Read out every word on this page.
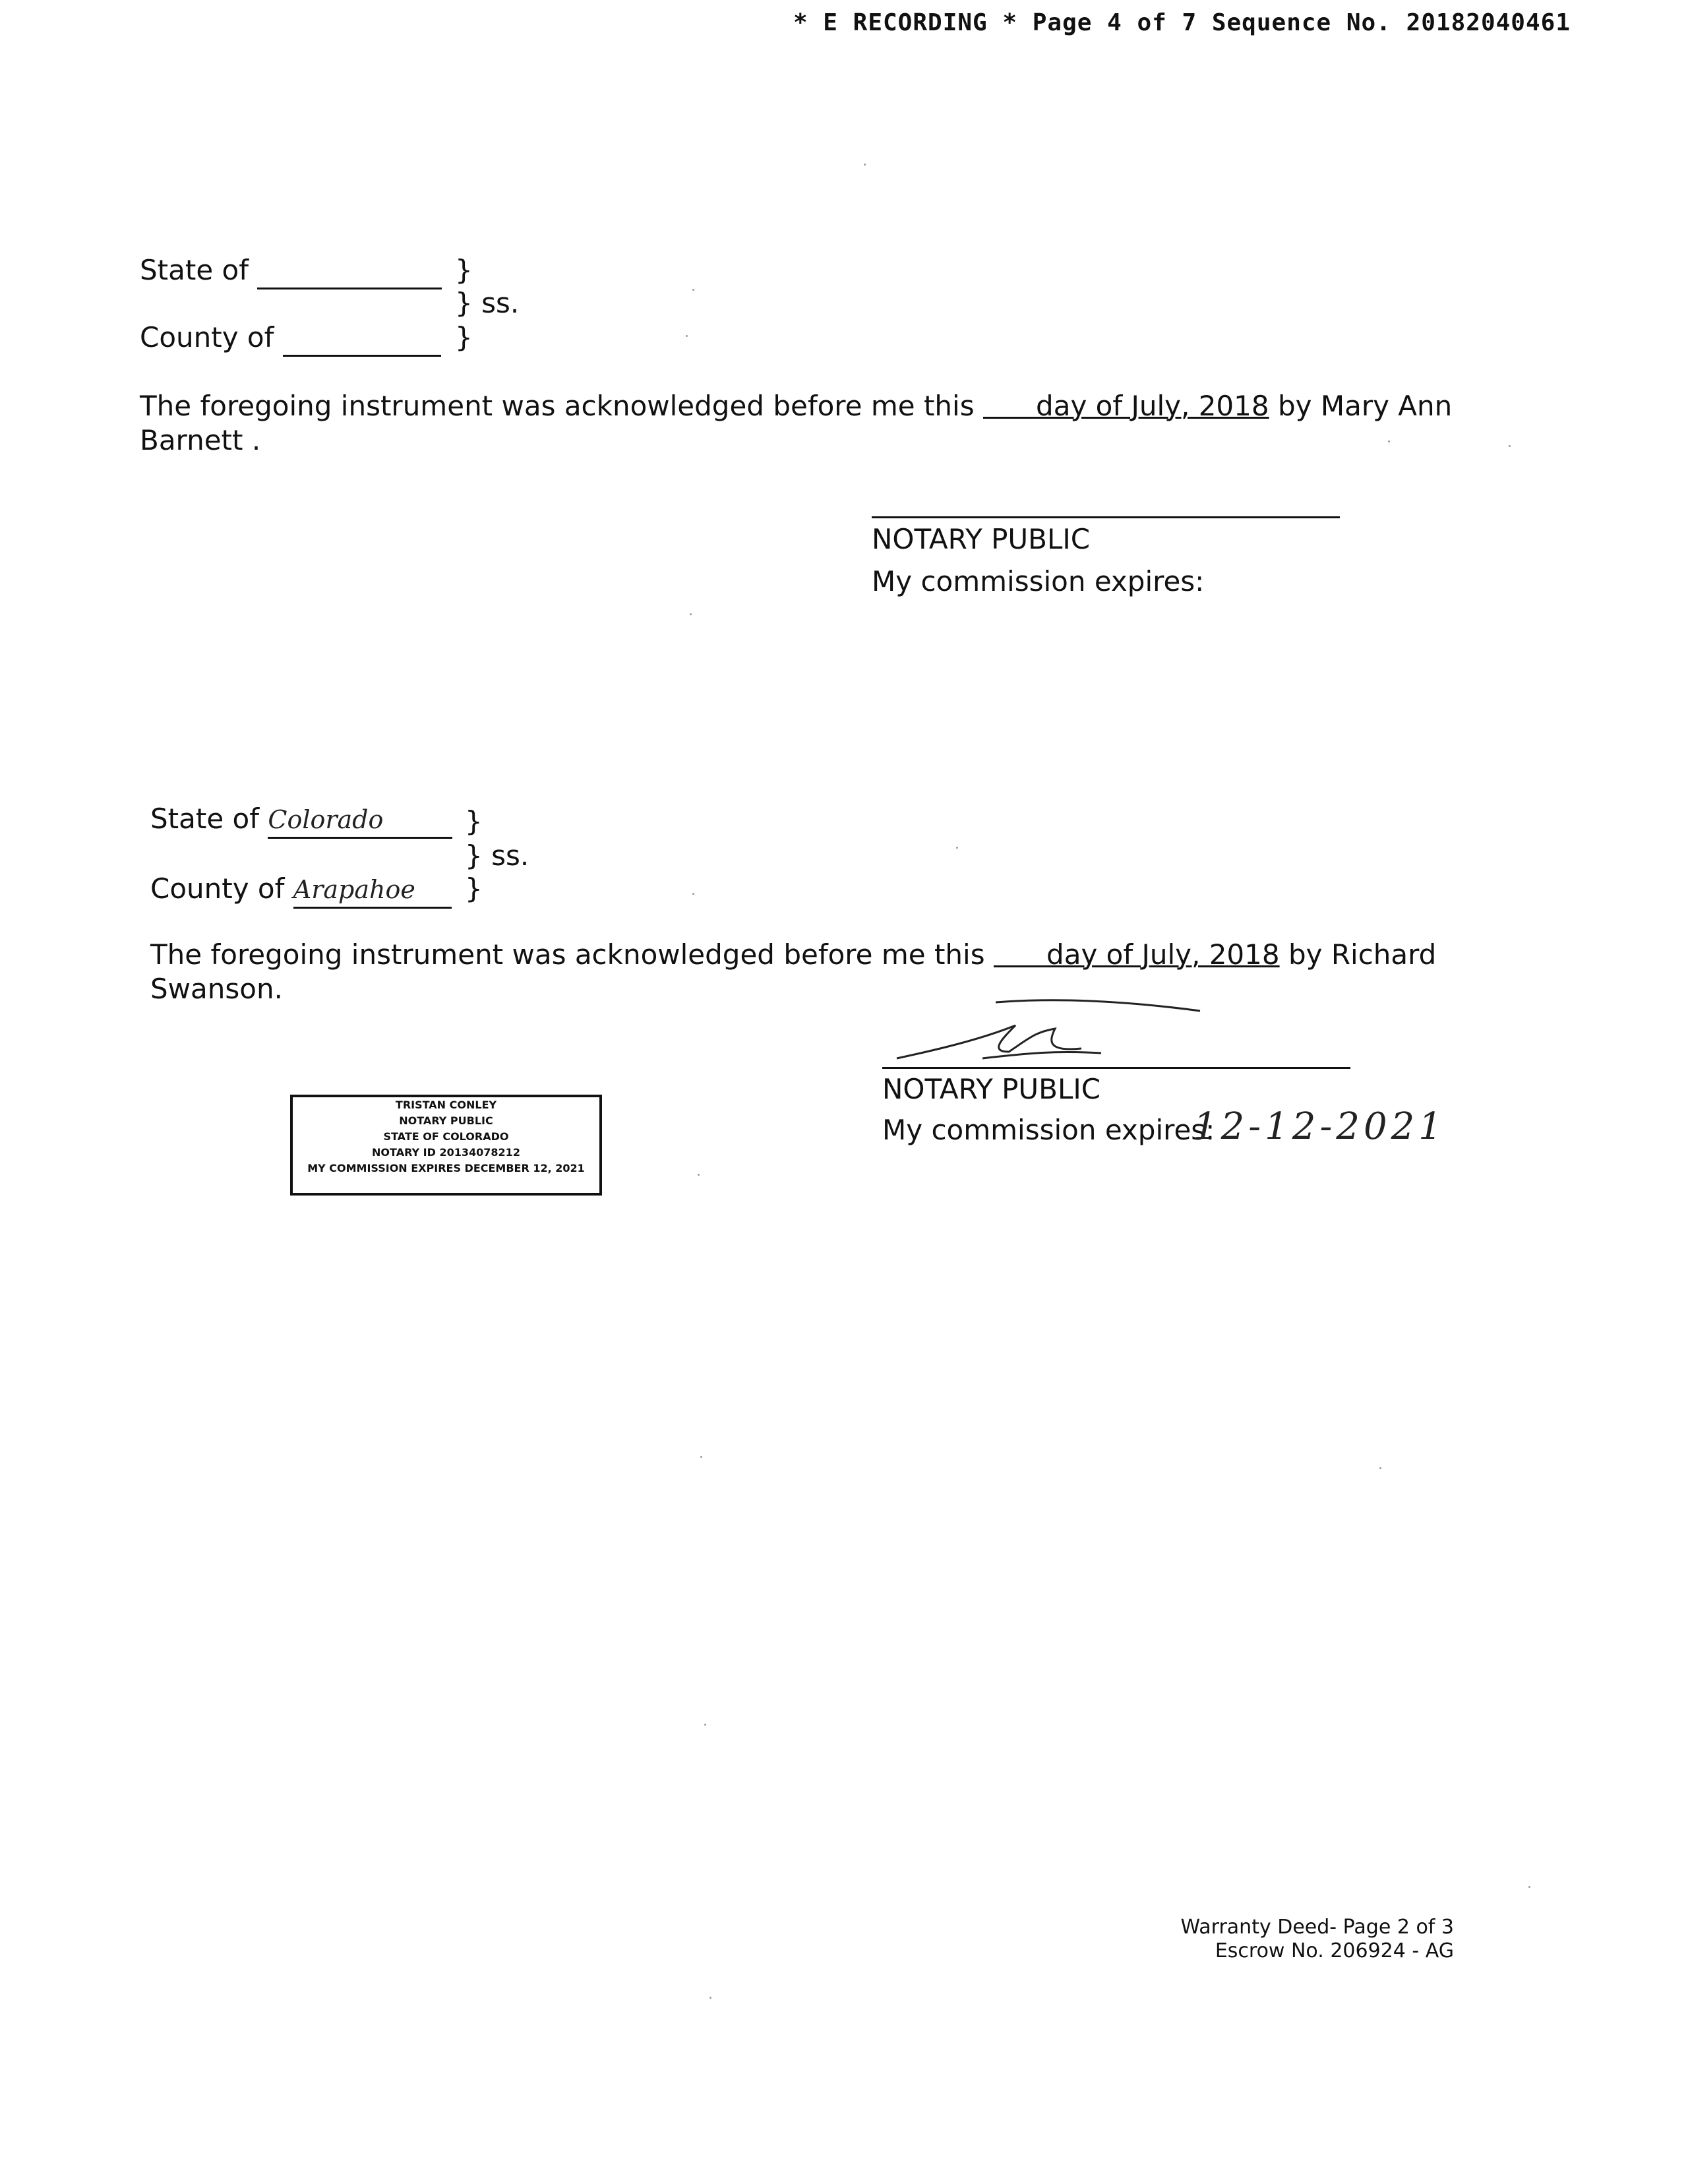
* E RECORDING * Page 4 of 7 Sequence No. 20182040461
State of	}
} ss.
County of	}
The foregoing instrument was acknowledged before me this day of July, 2018 by Mary Ann
Barnett .
NOTARY PUBLIC
My commission expires:
State of Colorado	}
} ss.
County of Arapahoe	}
The foregoing instrument was acknowledged before me this day of July, 2018 by Richard
Swanson.
NOTARY PUBLIC
My commission expires:
12-12-2021
TRISTAN CONLEY
NOTARY PUBLIC
STATE OF COLORADO
NOTARY ID 20134078212
MY COMMISSION EXPIRES DECEMBER 12, 2021
Warranty Deed- Page 2 of 3
Escrow No. 206924 - AG
